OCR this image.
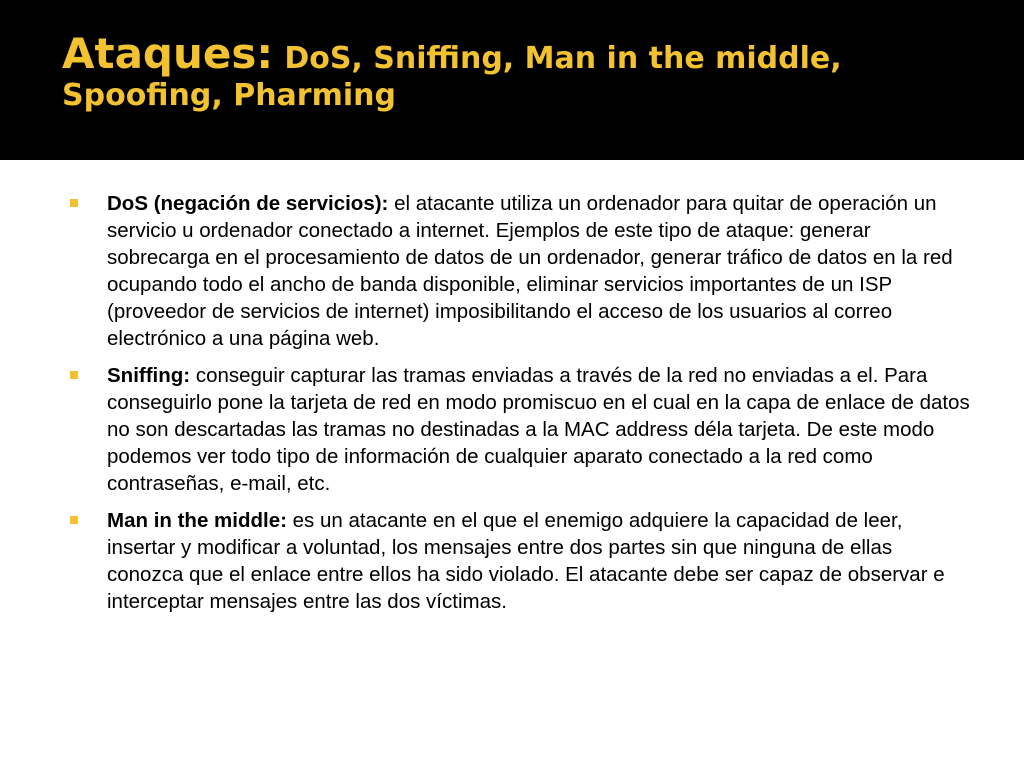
Ataques: DoS, Sniffing, Man in the middle, Spoofing, Pharming
DoS (negación de servicios): el atacante utiliza un ordenador para quitar de operación un servicio u ordenador conectado a internet. Ejemplos de este tipo de ataque: generar sobrecarga en el procesamiento de datos de un ordenador, generar tráfico de datos en la red ocupando todo el ancho de banda disponible, eliminar servicios importantes de un ISP (proveedor de servicios de internet) imposibilitando el acceso de los usuarios al correo electrónico a una página web.
Sniffing: conseguir capturar las tramas enviadas a través de la red no enviadas a el. Para conseguirlo pone la tarjeta de red en modo promiscuo en el cual en la capa de enlace de datos no son descartadas las tramas no destinadas a la MAC address déla tarjeta. De este modo podemos ver todo tipo de información de cualquier aparato conectado a la red como contraseñas, e-mail, etc.
Man in the middle: es un atacante en el que el enemigo adquiere la capacidad de leer, insertar y modificar a voluntad, los mensajes entre dos partes sin que ninguna de ellas conozca que el enlace entre ellos ha sido violado. El atacante debe ser capaz de observar e interceptar mensajes entre las dos víctimas.
